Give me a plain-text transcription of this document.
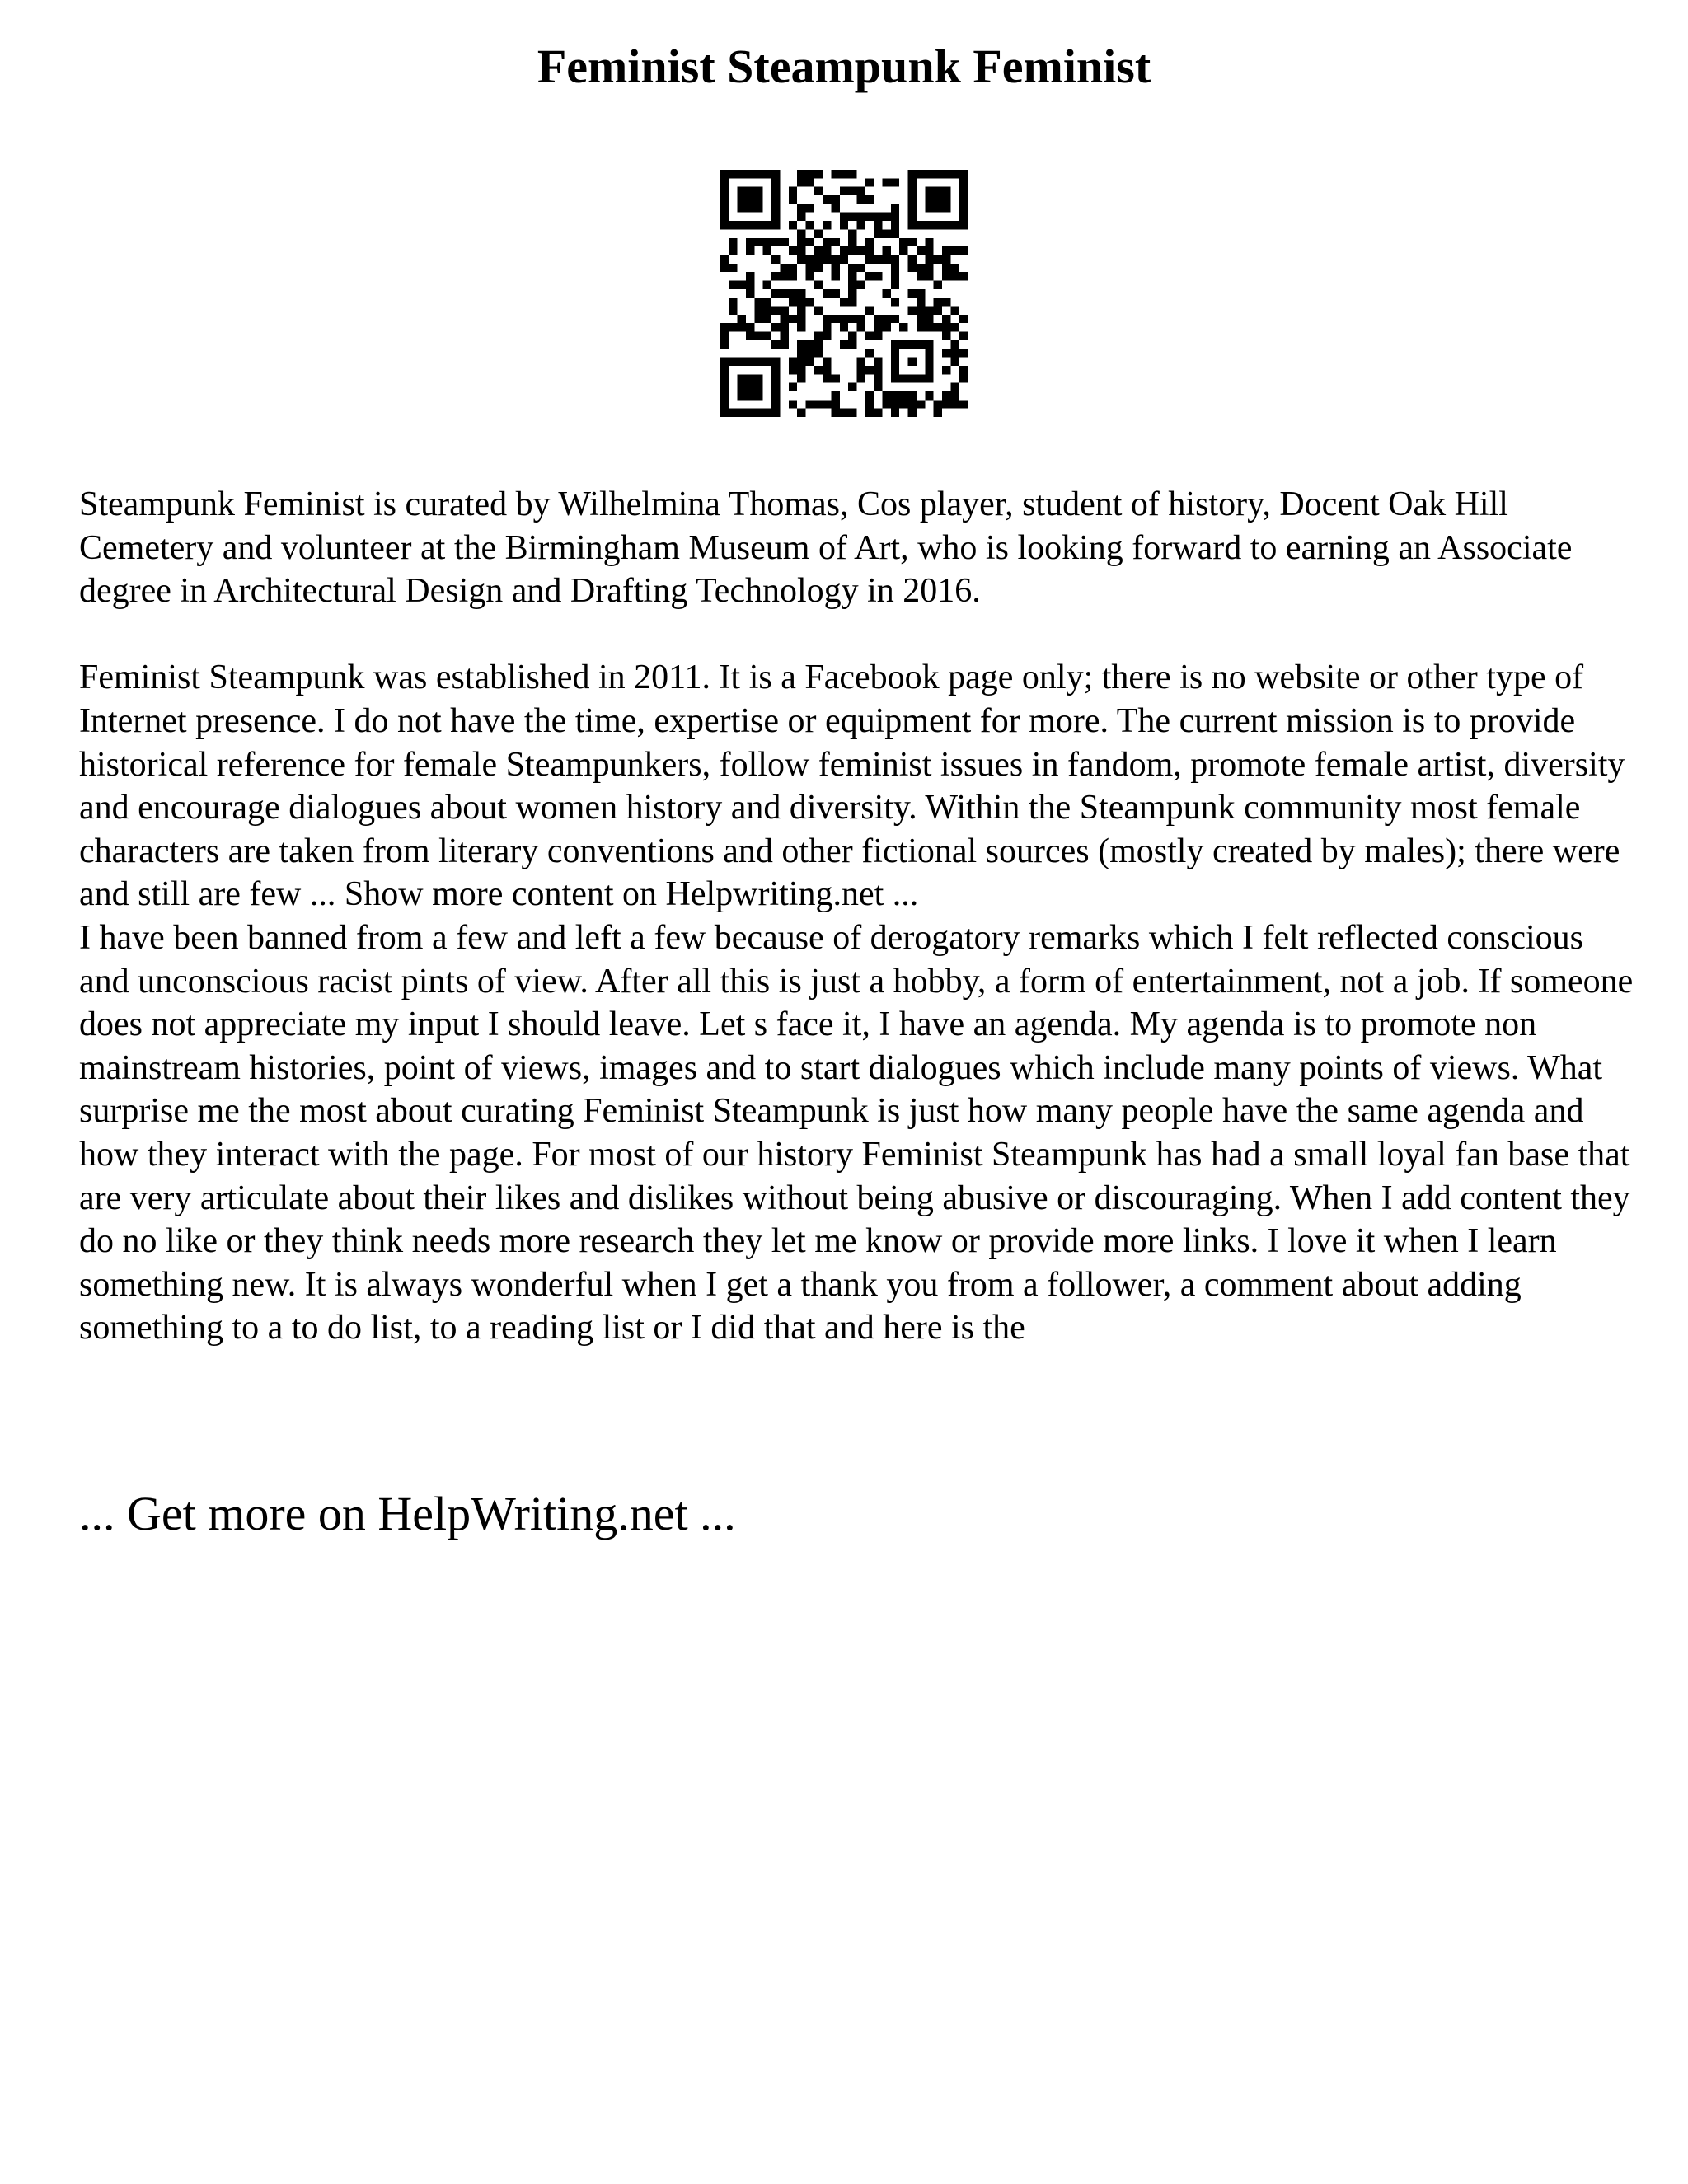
Feminist Steampunk Feminist

Steampunk Feminist is curated by Wilhelmina Thomas, Cos player, student of history, Docent Oak Hill Cemetery and volunteer at the Birmingham Museum of Art, who is looking forward to earning an Associate degree in Architectural Design and Drafting Technology in 2016.

Feminist Steampunk was established in 2011. It is a Facebook page only; there is no website or other type of Internet presence. I do not have the time, expertise or equipment for more. The current mission is to provide historical reference for female Steampunkers, follow feminist issues in fandom, promote female artist, diversity and encourage dialogues about women history and diversity. Within the Steampunk community most female characters are taken from literary conventions and other fictional sources (mostly created by males); there were and still are few ... Show more content on Helpwriting.net ...

I have been banned from a few and left a few because of derogatory remarks which I felt reflected conscious and unconscious racist pints of view. After all this is just a hobby, a form of entertainment, not a job. If someone does not appreciate my input I should leave. Let s face it, I have an agenda. My agenda is to promote non mainstream histories, point of views, images and to start dialogues which include many points of views. What surprise me the most about curating Feminist Steampunk is just how many people have the same agenda and how they interact with the page. For most of our history Feminist Steampunk has had a small loyal fan base that are very articulate about their likes and dislikes without being abusive or discouraging. When I add content they do no like or they think needs more research they let me know or provide more links. I love it when I learn something new. It is always wonderful when I get a thank you from a follower, a comment about adding something to a to do list, to a reading list or I did that and here is the

... Get more on HelpWriting.net ...
